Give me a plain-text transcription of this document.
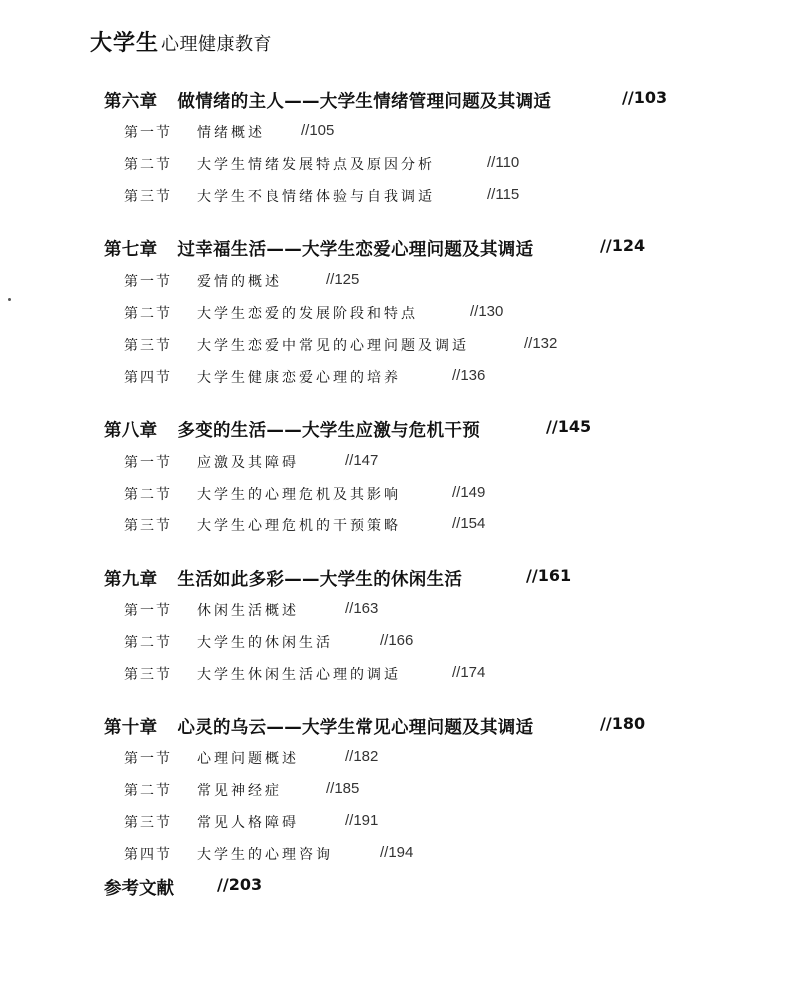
大学生 心理健康教育
第六章 做情绪的主人——大学生情绪管理问题及其调适	//103
第一节 情绪概述 //105
第二节 大学生情绪发展特点及原因分析	//110
第三节 大学生不良情绪体验与自我调适	//115
第七章 过幸福生活——大学生恋爱心理问题及其调适	//124
第一节 爱情的概述	//125
第二节 大学生恋爱的发展阶段和特点	//130
第三节 大学生恋爱中常见的心理问题及调适	//132
第四节 大学生健康恋爱心理的培养	//136
第八章 多变的生活——大学生应激与危机干预	//145
第一节 应激及其障碍	//147
第二节 大学生的心理危机及其影响	//149
第三节 大学生心理危机的干预策略	//154
第九章 生活如此多彩——大学生的休闲生活	//161
第一节 休闲生活概述	//163
第二节 大学生的休闲生活	//166
第三节 大学生休闲生活心理的调适	//174
第十章 心灵的乌云——大学生常见心理问题及其调适	//180
第一节 心理问题概述	//182
第二节 常见神经症	//185
第三节 常见人格障碍	//191
第四节 大学生的心理咨询	//194
参考文献	//203
